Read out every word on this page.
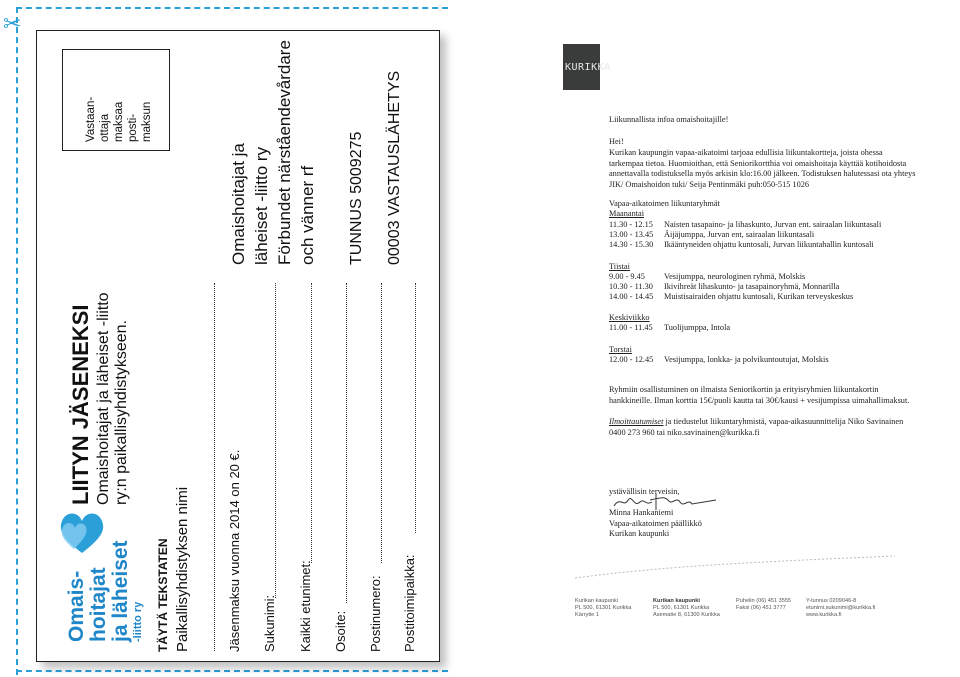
✂
Vastaan- ottaja maksaa posti- maksun
Omais- hoitajat ja läheiset -liitto ry
LIITYN JÄSENEKSI Omaishoitajat ja läheiset -liitto ry:n paikallisyhdistykseen.
TÄYTÄ TEKSTATEN Paikallisyhdistyksen nimi	Jäsenmaksu vuonna 2014 on 20 €. Sukunimi: Kaikki etunimet: Osoite: Postinumero: Postitoimipaikka:
Omaishoitajat ja läheiset -liitto ry Förbundet närståendevårdare och vänner rf TUNNUS 5009275 00003 VASTAUSLÄHETYS
KURIKKA
Liikunnallista infoa omaishoitajille!
Hei!
Kurikan kaupungin vapaa-aikatoimi tarjoaa edullisia liikuntakortteja, joista ohessa
tarkempaa tietoa. Huomioithan, että Seniorikortthia voi omaishoitaja käyttää kotihoidosta
annettavalla todistuksella myös arkisin klo:16.00 jälkeen. Todistuksen halutessasi ota yhteys
JIK/ Omaishoidon tuki/ Seija Pentinmäki puh:050-515 1026
Vapaa-aikatoimen liikuntaryhmät
Maanantai
11.30 - 12.15 Naisten tasapaino- ja lihaskunto, Jurvan ent. sairaalan liikuntasali
13.00 - 13.45 Äijäjumppa, Jurvan ent, sairaalan liikuntasali
14.30 - 15.30 Ikääntyneiden ohjattu kuntosali, Jurvan liikuntahallin kuntosali
Tiistai
9.00 - 9.45 Vesijumppa, neurologinen ryhmä, Molskis
10.30 - 11.30 Ikivihreät lihaskunto- ja tasapainoryhmä, Monnarilla
14.00 - 14.45 Muistisairaiden ohjattu kuntosali, Kurikan terveyskeskus
Keskiviikko
11.00 - 11.45 Tuolijumppa, Intola
Torstai
12.00 - 12.45 Vesijumppa, lonkka- ja polvikuntoutujat, Molskis
Ryhmiin osallistuminen on ilmaista Seniorikortin ja erityisryhmien liikuntakortin
hankkineille. Ilman korttia 15€/puoli kautta tai 30€/kausi + vesijumpissa uimahallimaksut.
Ilmoittautumiset ja tiedustelut liikuntaryhmistä, vapaa-aikasuunnittelija Niko Savinainen
0400 273 960 tai niko.savinainen@kurikka.fi
ystävällisin terveisin,
Minna Hankaniemi
Vapaa-aikatoimen päällikkö
Kurikan kaupunki
Kurikan kaupunki
PL 500, 61301 Kurikka
Kärrytie 1
Kurikan kaupunki
PL 500, 61301 Kurikka
Asematie 8, 61300 Kurikka
Puhelin (06) 451 3555
Faksi (06) 451 3777
Y-tunnus 0209046-8
etunimi.sukunimi@kurikka.fi
www.kurikka.fi
